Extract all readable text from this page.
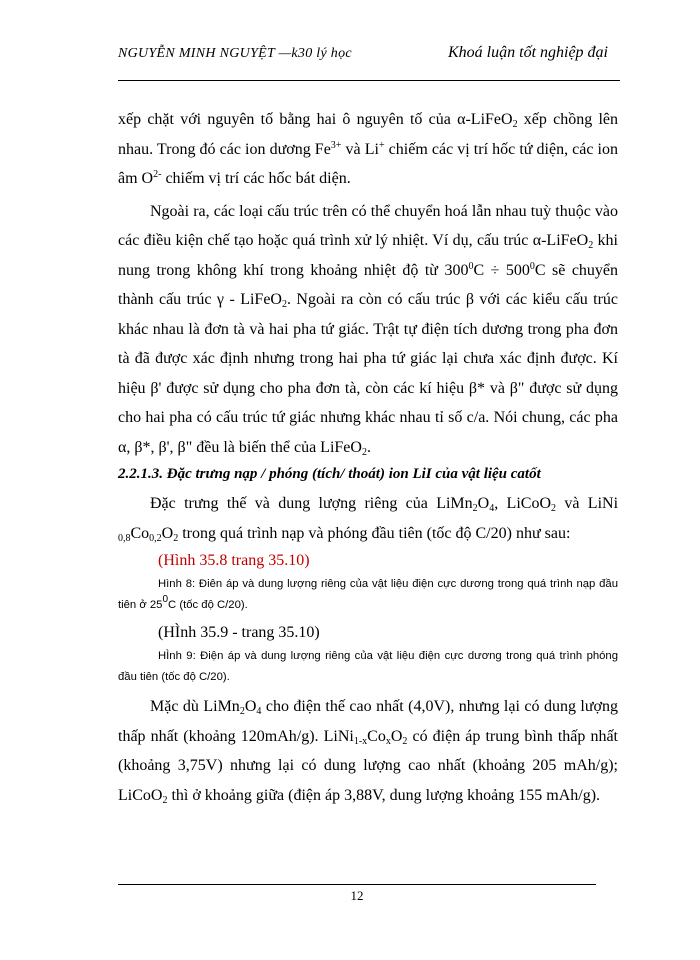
NGUYỄN MINH NGUYỆT —k30 lý học	Khoá luận tốt nghiệp đại

xếp chặt với nguyên tố bằng hai ô nguyên tố của α-LiFeO$_2$ xếp chồng lên nhau. Trong đó các ion dương $Fe^{3+}$ và Li+ chiếm các vị trí hốc tứ diện, các ion âm $O^{2-}$ chiếm vị trí các hốc bát diện.

Ngoài ra, các loại cấu trúc trên có thể chuyển hoá lẫn nhau tuỳ thuộc vào các điều kiện chế tạo hoặc quá trình xử lý nhiệt. Ví dụ, cấu trúc α-LiFeO$_2$ khi nung trong không khí trong khoảng nhiệt độ từ $300^0C \div 500^0C$ sẽ chuyển thành cấu trúc γ - LiFeO$_2$. Ngoài ra còn có cấu trúc β với các kiểu cấu trúc khác nhau là đơn tà và hai pha tứ giác. Trật tự điện tích dương trong pha đơn tà đã được xác định nhưng trong hai pha tứ giác lại chưa xác định được. Kí hiệu β' được sử dụng cho pha đơn tà, còn các kí hiệu β* và β" được sử dụng cho hai pha có cấu trúc tứ giác nhưng khác nhau tỉ số c/a. Nói chung, các pha α, β*, β', β" đều là biến thể của LiFeO$_2$.

2.2.1.3. Đặc trưng nạp / phóng (tích/ thoát) ion LiI của vật liệu catốt

Đặc trưng thế và dung lượng riêng của $LiMn_2O_4$, LiCoO$_2$ và LiNi $_{0,8}Co_{0,2}O_2$ trong quá trình nạp và phóng đầu tiên (tốc độ C/20) như sau:

(Hình 35.8 trang 35.10)

Hình 8: Điên áp và dung lượng riêng của vật liệu điện cực dương trong quá trình nạp đầu tiên ở $25^0C$ (tốc độ C/20).

(HÌnh 35.9 - trang 35.10)

HÌnh 9: Điện áp và dung lượng riêng của vật liệu điện cực dương trong quá trình phóng đầu tiên (tốc độ C/20).

Mặc dù $LiMn_2O_4$ cho điện thế cao nhất (4,0V), nhưng lại có dung lượng thấp nhất (khoảng 120mAh/g). $LiNi_{1-x}Co_xO_2$ có điện áp trung bình thấp nhất (khoảng 3,75V) nhưng lại có dung lượng cao nhất (khoảng 205 mAh/g); LiCoO$_2$ thì ở khoảng giữa (điện áp 3,88V, dung lượng khoảng 155 mAh/g).

12
